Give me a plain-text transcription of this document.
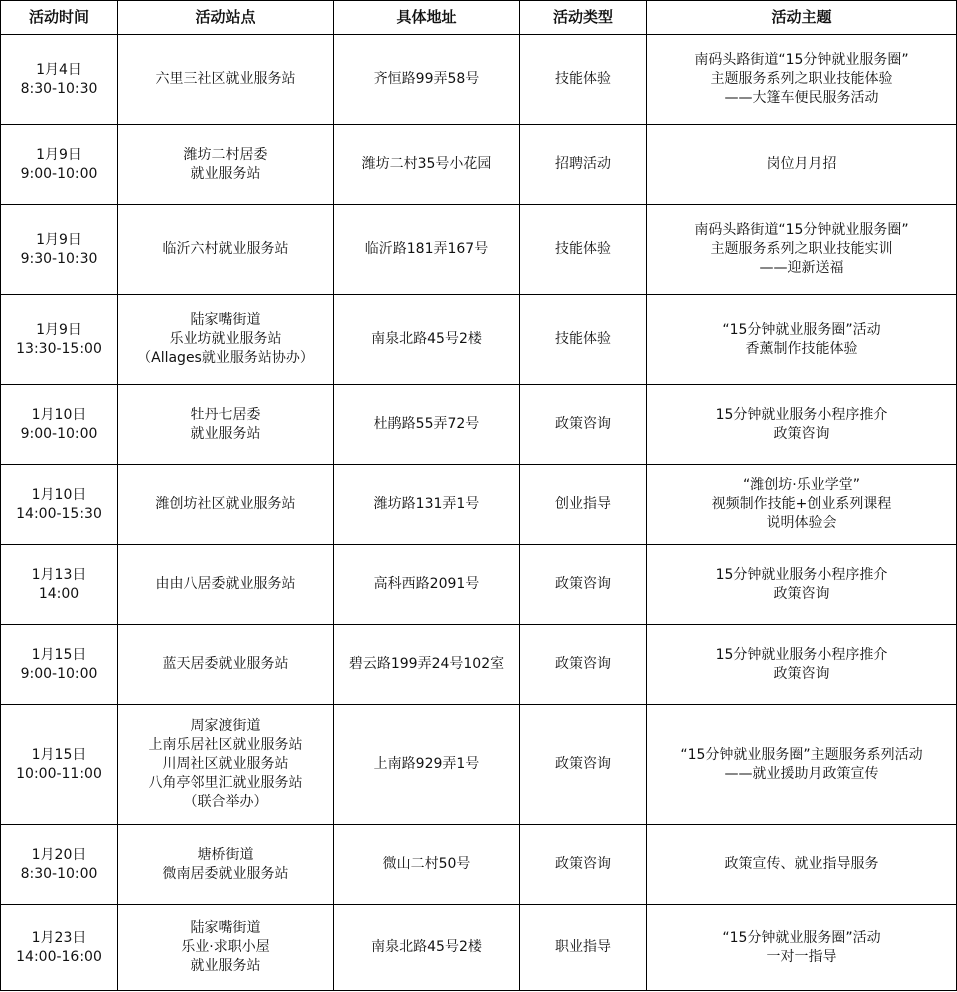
活动时间	活动站点	具体地址	活动类型	活动主题

1月4日
8:30-10:30	六里三社区就业服务站	齐恒路99弄58号	技能体验	南码头路街道“15分钟就业服务圈”
主题服务系列之职业技能体验
——大篷车便民服务活动

1月9日
9:00-10:00	潍坊二村居委
就业服务站	潍坊二村35号小花园	招聘活动	岗位月月招

1月9日
9:30-10:30	临沂六村就业服务站	临沂路181弄167号	技能体验	南码头路街道“15分钟就业服务圈”
主题服务系列之职业技能实训
——迎新送福

1月9日
13:30-15:00	陆家嘴街道
乐业坊就业服务站
（Allages就业服务站协办）	南泉北路45号2楼	技能体验	“15分钟就业服务圈”活动
香薰制作技能体验

1月10日
9:00-10:00	牡丹七居委
就业服务站	杜鹃路55弄72号	政策咨询	15分钟就业服务小程序推介
政策咨询

1月10日
14:00-15:30	潍创坊社区就业服务站	潍坊路131弄1号	创业指导	“潍创坊·乐业学堂”
视频制作技能+创业系列课程
说明体验会

1月13日
14:00	由由八居委就业服务站	高科西路2091号	政策咨询	15分钟就业服务小程序推介
政策咨询

1月15日
9:00-10:00	蓝天居委就业服务站	碧云路199弄24号102室	政策咨询	15分钟就业服务小程序推介
政策咨询

1月15日
10:00-11:00	周家渡街道
上南乐居社区就业服务站
川周社区就业服务站
八角亭邻里汇就业服务站
（联合举办）	上南路929弄1号	政策咨询	“15分钟就业服务圈”主题服务系列活动
——就业援助月政策宣传

1月20日
8:30-10:00	塘桥街道
微南居委就业服务站	微山二村50号	政策咨询	政策宣传、就业指导服务

1月23日
14:00-16:00	陆家嘴街道
乐业·求职小屋
就业服务站	南泉北路45号2楼	职业指导	“15分钟就业服务圈”活动
一对一指导
